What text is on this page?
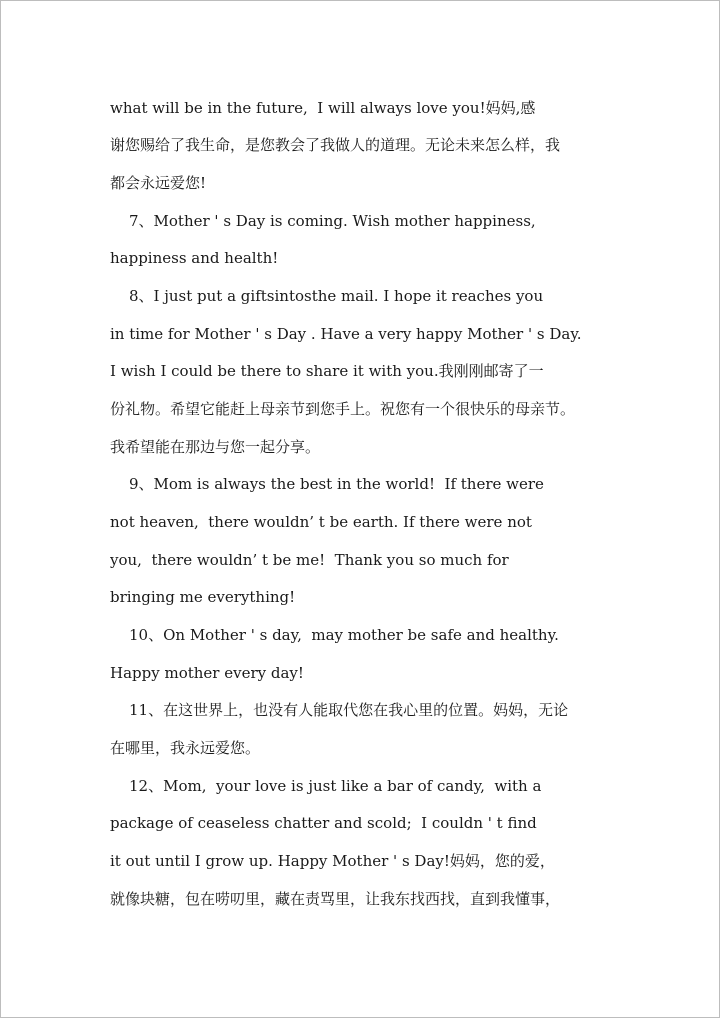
what will be in the future,  I will always love you!妈妈,感
谢您赐给了我生命，是您教会了我做人的道理。无论未来怎么样，我
都会永远爱您!
7、Mother ' s Day is coming. Wish mother happiness,
happiness and health!
8、I just put a giftsintosthe mail. I hope it reaches you
in time for Mother ' s Day . Have a very happy Mother ' s Day.
I wish I could be there to share it with you.我刚刚邮寄了一
份礼物。希望它能赶上母亲节到您手上。祝您有一个很快乐的母亲节。
我希望能在那边与您一起分享。
9、Mom is always the best in the world!  If there were
not heaven,  there wouldn’ t be earth. If there were not
you,  there wouldn’ t be me!  Thank you so much for
bringing me everything!
10、On Mother ' s day,  may mother be safe and healthy.
Happy mother every day!
11、在这世界上，也没有人能取代您在我心里的位置。妈妈，无论
在哪里，我永远爱您。
12、Mom,  your love is just like a bar of candy,  with a
package of ceaseless chatter and scold;  I couldn ' t find
it out until I grow up. Happy Mother ' s Day!妈妈，您的爱，
就像块糖，包在唠叨里，藏在责骂里，让我东找西找，直到我懂事，
